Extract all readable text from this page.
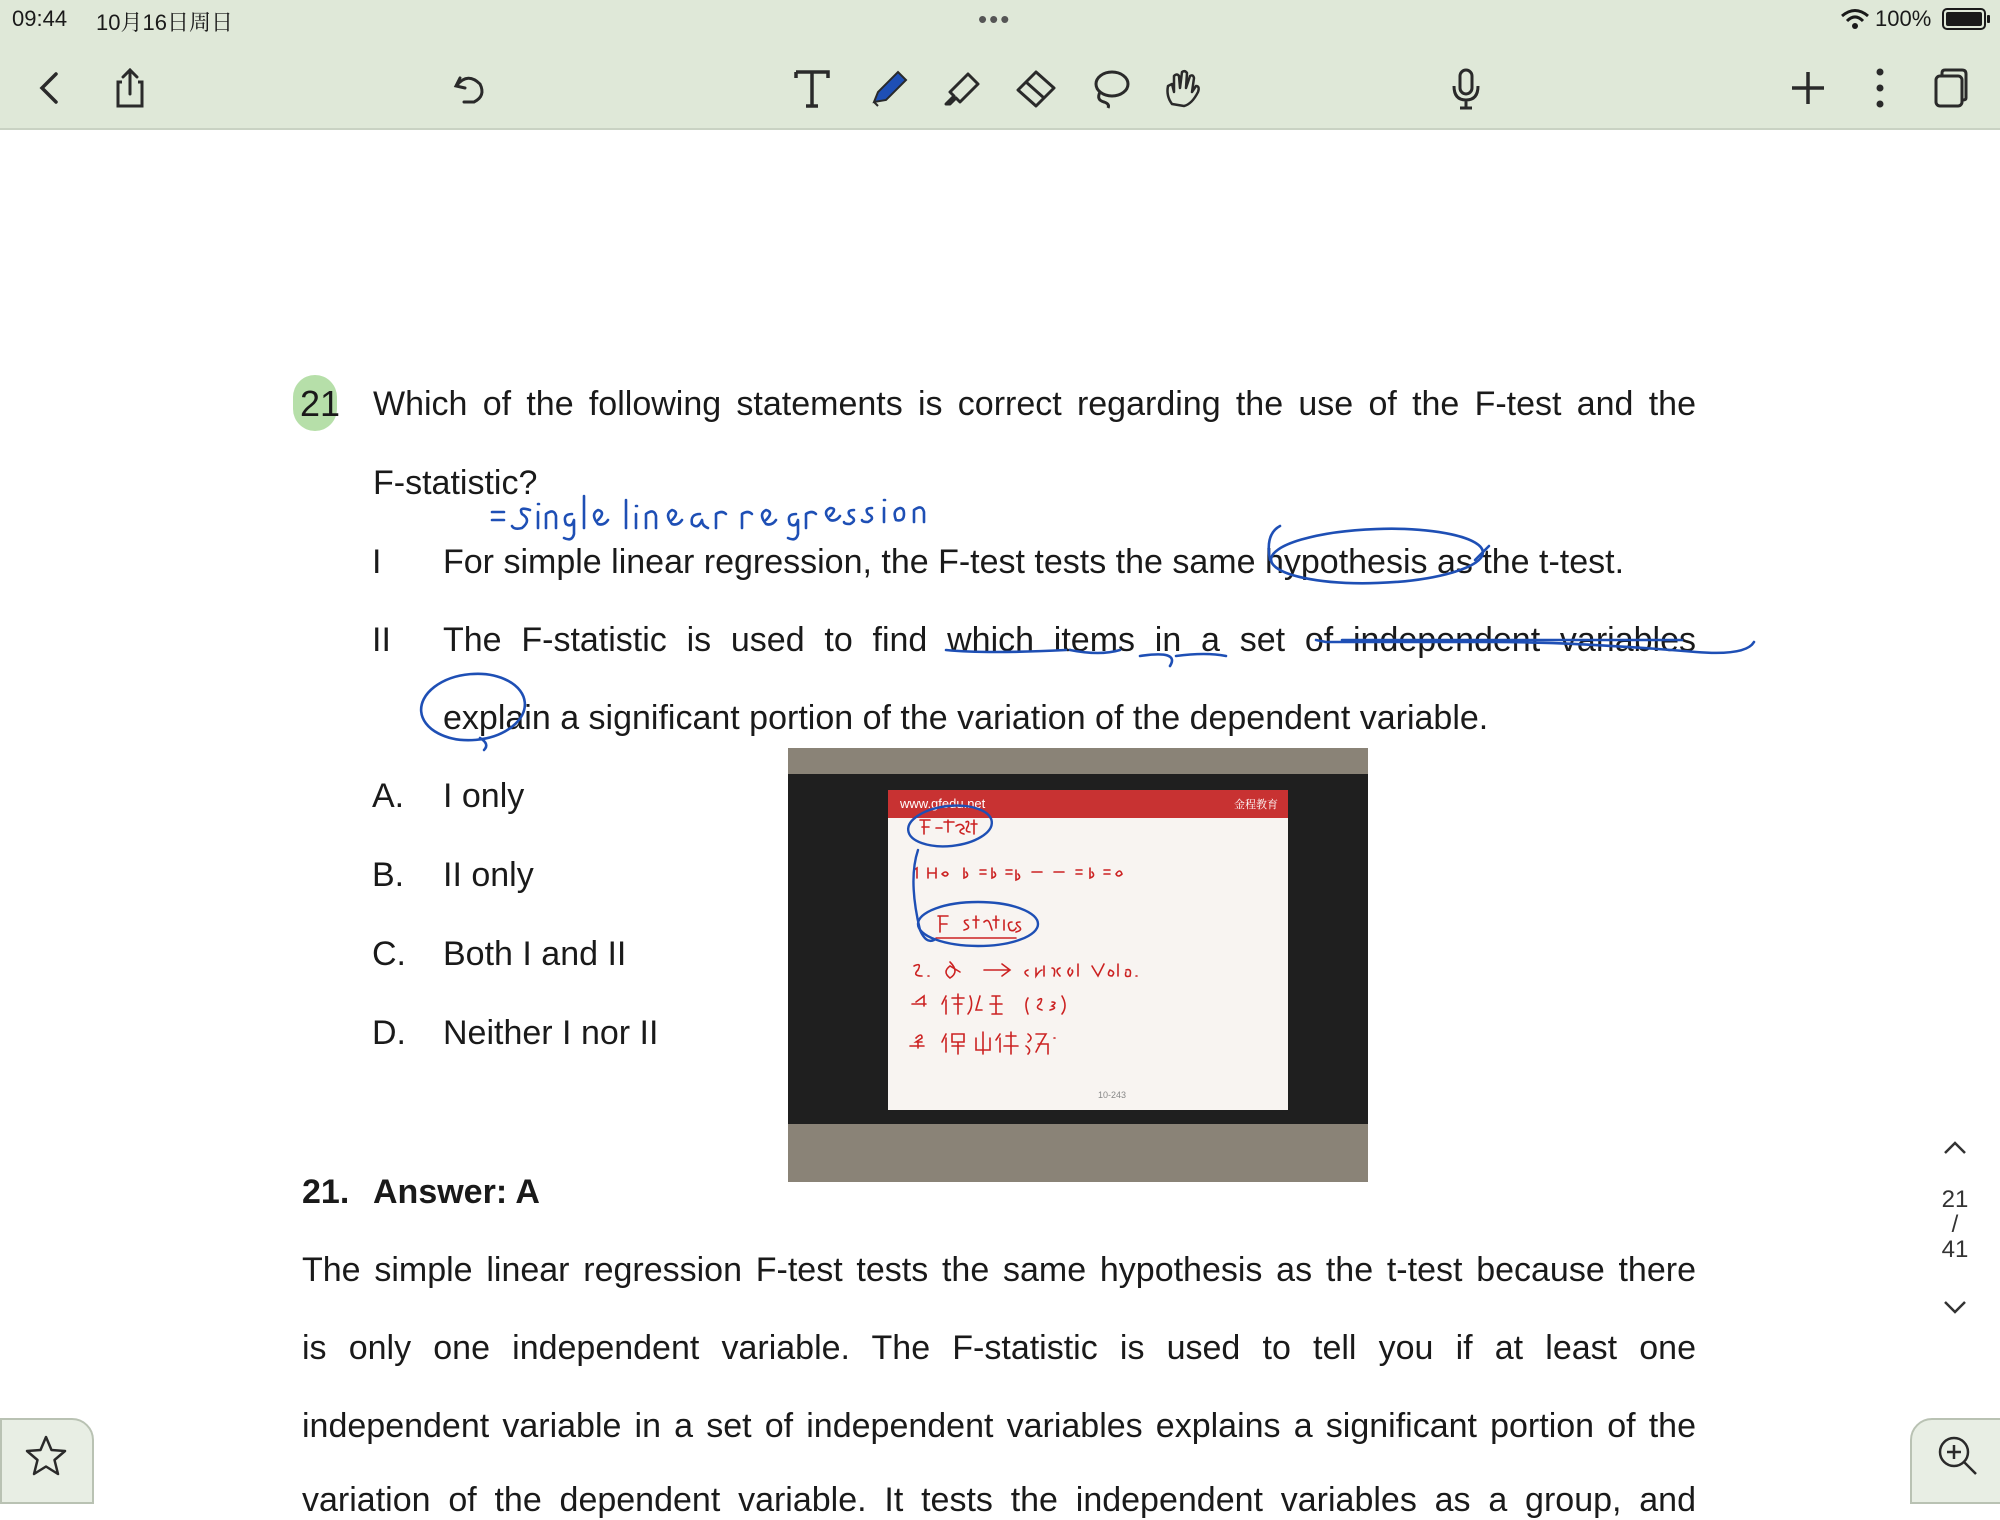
09:44 10月16日周日	•••	100%
21 Which of the following statements is correct regarding the use of the F-test and the
F-statistic?
I For simple linear regression, the F-test tests the same hypothesis as the t-test.
II The F-statistic is used to find which items in a set of independent variables
explain a significant portion of the variation of the dependent variable.
A. I only
B. II only
C. Both I and II
D. Neither I nor II
www.gfedu.net	金程教育
10-243
21. Answer: A
The simple linear regression F-test tests the same hypothesis as the t-test because there
is only one independent variable. The F-statistic is used to tell you if at least one
independent variable in a set of independent variables explains a significant portion of the
variation of the dependent variable. It tests the independent variables as a group, and
21
/
41
